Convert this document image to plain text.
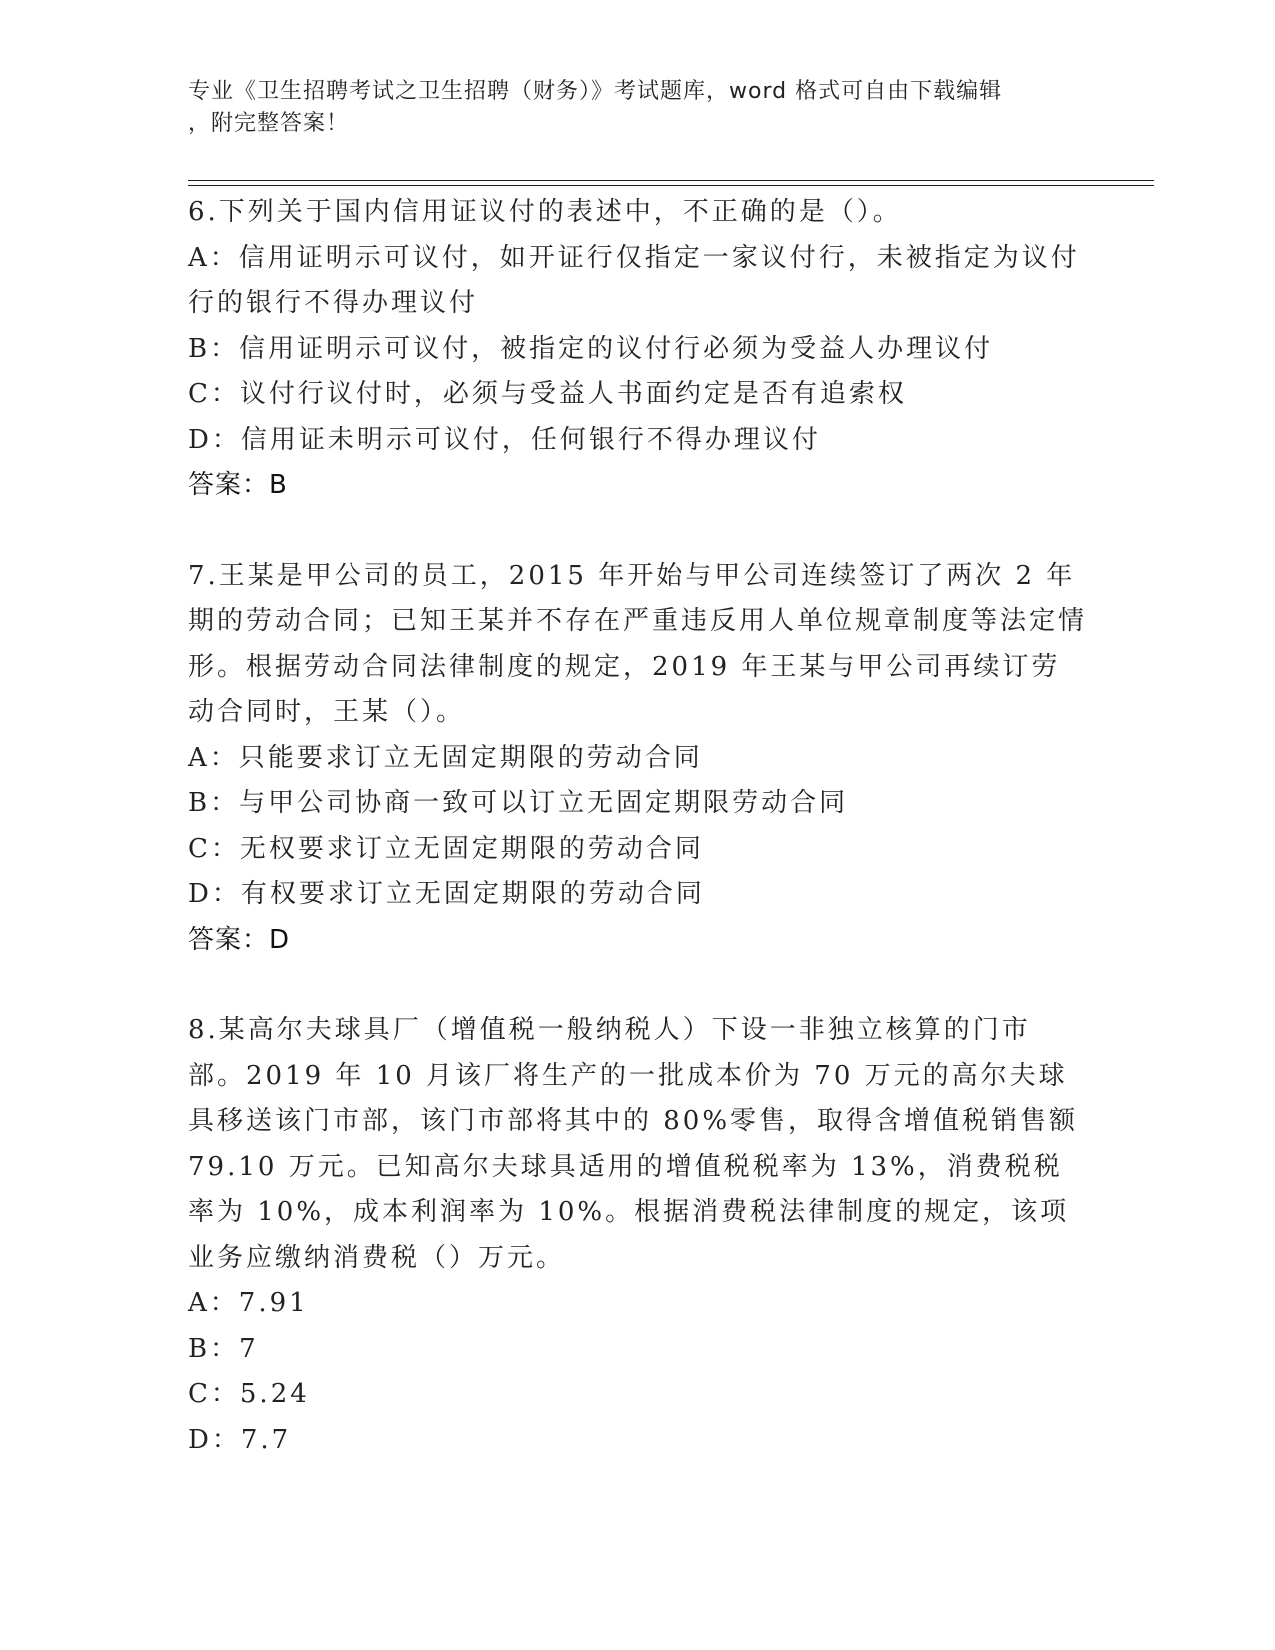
专业《卫生招聘考试之卫生招聘（财务）》考试题库，word 格式可自由下载编辑
，附完整答案！

6.下列关于国内信用证议付的表述中，不正确的是（）。

A：信用证明示可议付，如开证行仅指定一家议付行，未被指定为议付行的银行不得办理议付
B：信用证明示可议付，被指定的议付行必须为受益人办理议付
C：议付行议付时，必须与受益人书面约定是否有追索权
D：信用证未明示可议付，任何银行不得办理议付

答案：B

7.王某是甲公司的员工，2015 年开始与甲公司连续签订了两次 2 年期的劳动合同；已知王某并不存在严重违反用人单位规章制度等法定情形。根据劳动合同法律制度的规定，2019 年王某与甲公司再续订劳动合同时，王某（）。

A：只能要求订立无固定期限的劳动合同
B：与甲公司协商一致可以订立无固定期限劳动合同
C：无权要求订立无固定期限的劳动合同
D：有权要求订立无固定期限的劳动合同

答案：D

8.某高尔夫球具厂（增值税一般纳税人）下设一非独立核算的门市部。2019 年 10 月该厂将生产的一批成本价为 70 万元的高尔夫球具移送该门市部，该门市部将其中的 80%零售，取得含增值税销售额 79.10 万元。已知高尔夫球具适用的增值税税率为 13%，消费税税率为 10%，成本利润率为 10%。根据消费税法律制度的规定，该项业务应缴纳消费税（）万元。

A：7.91
B：7
C：5.24
D：7.7
